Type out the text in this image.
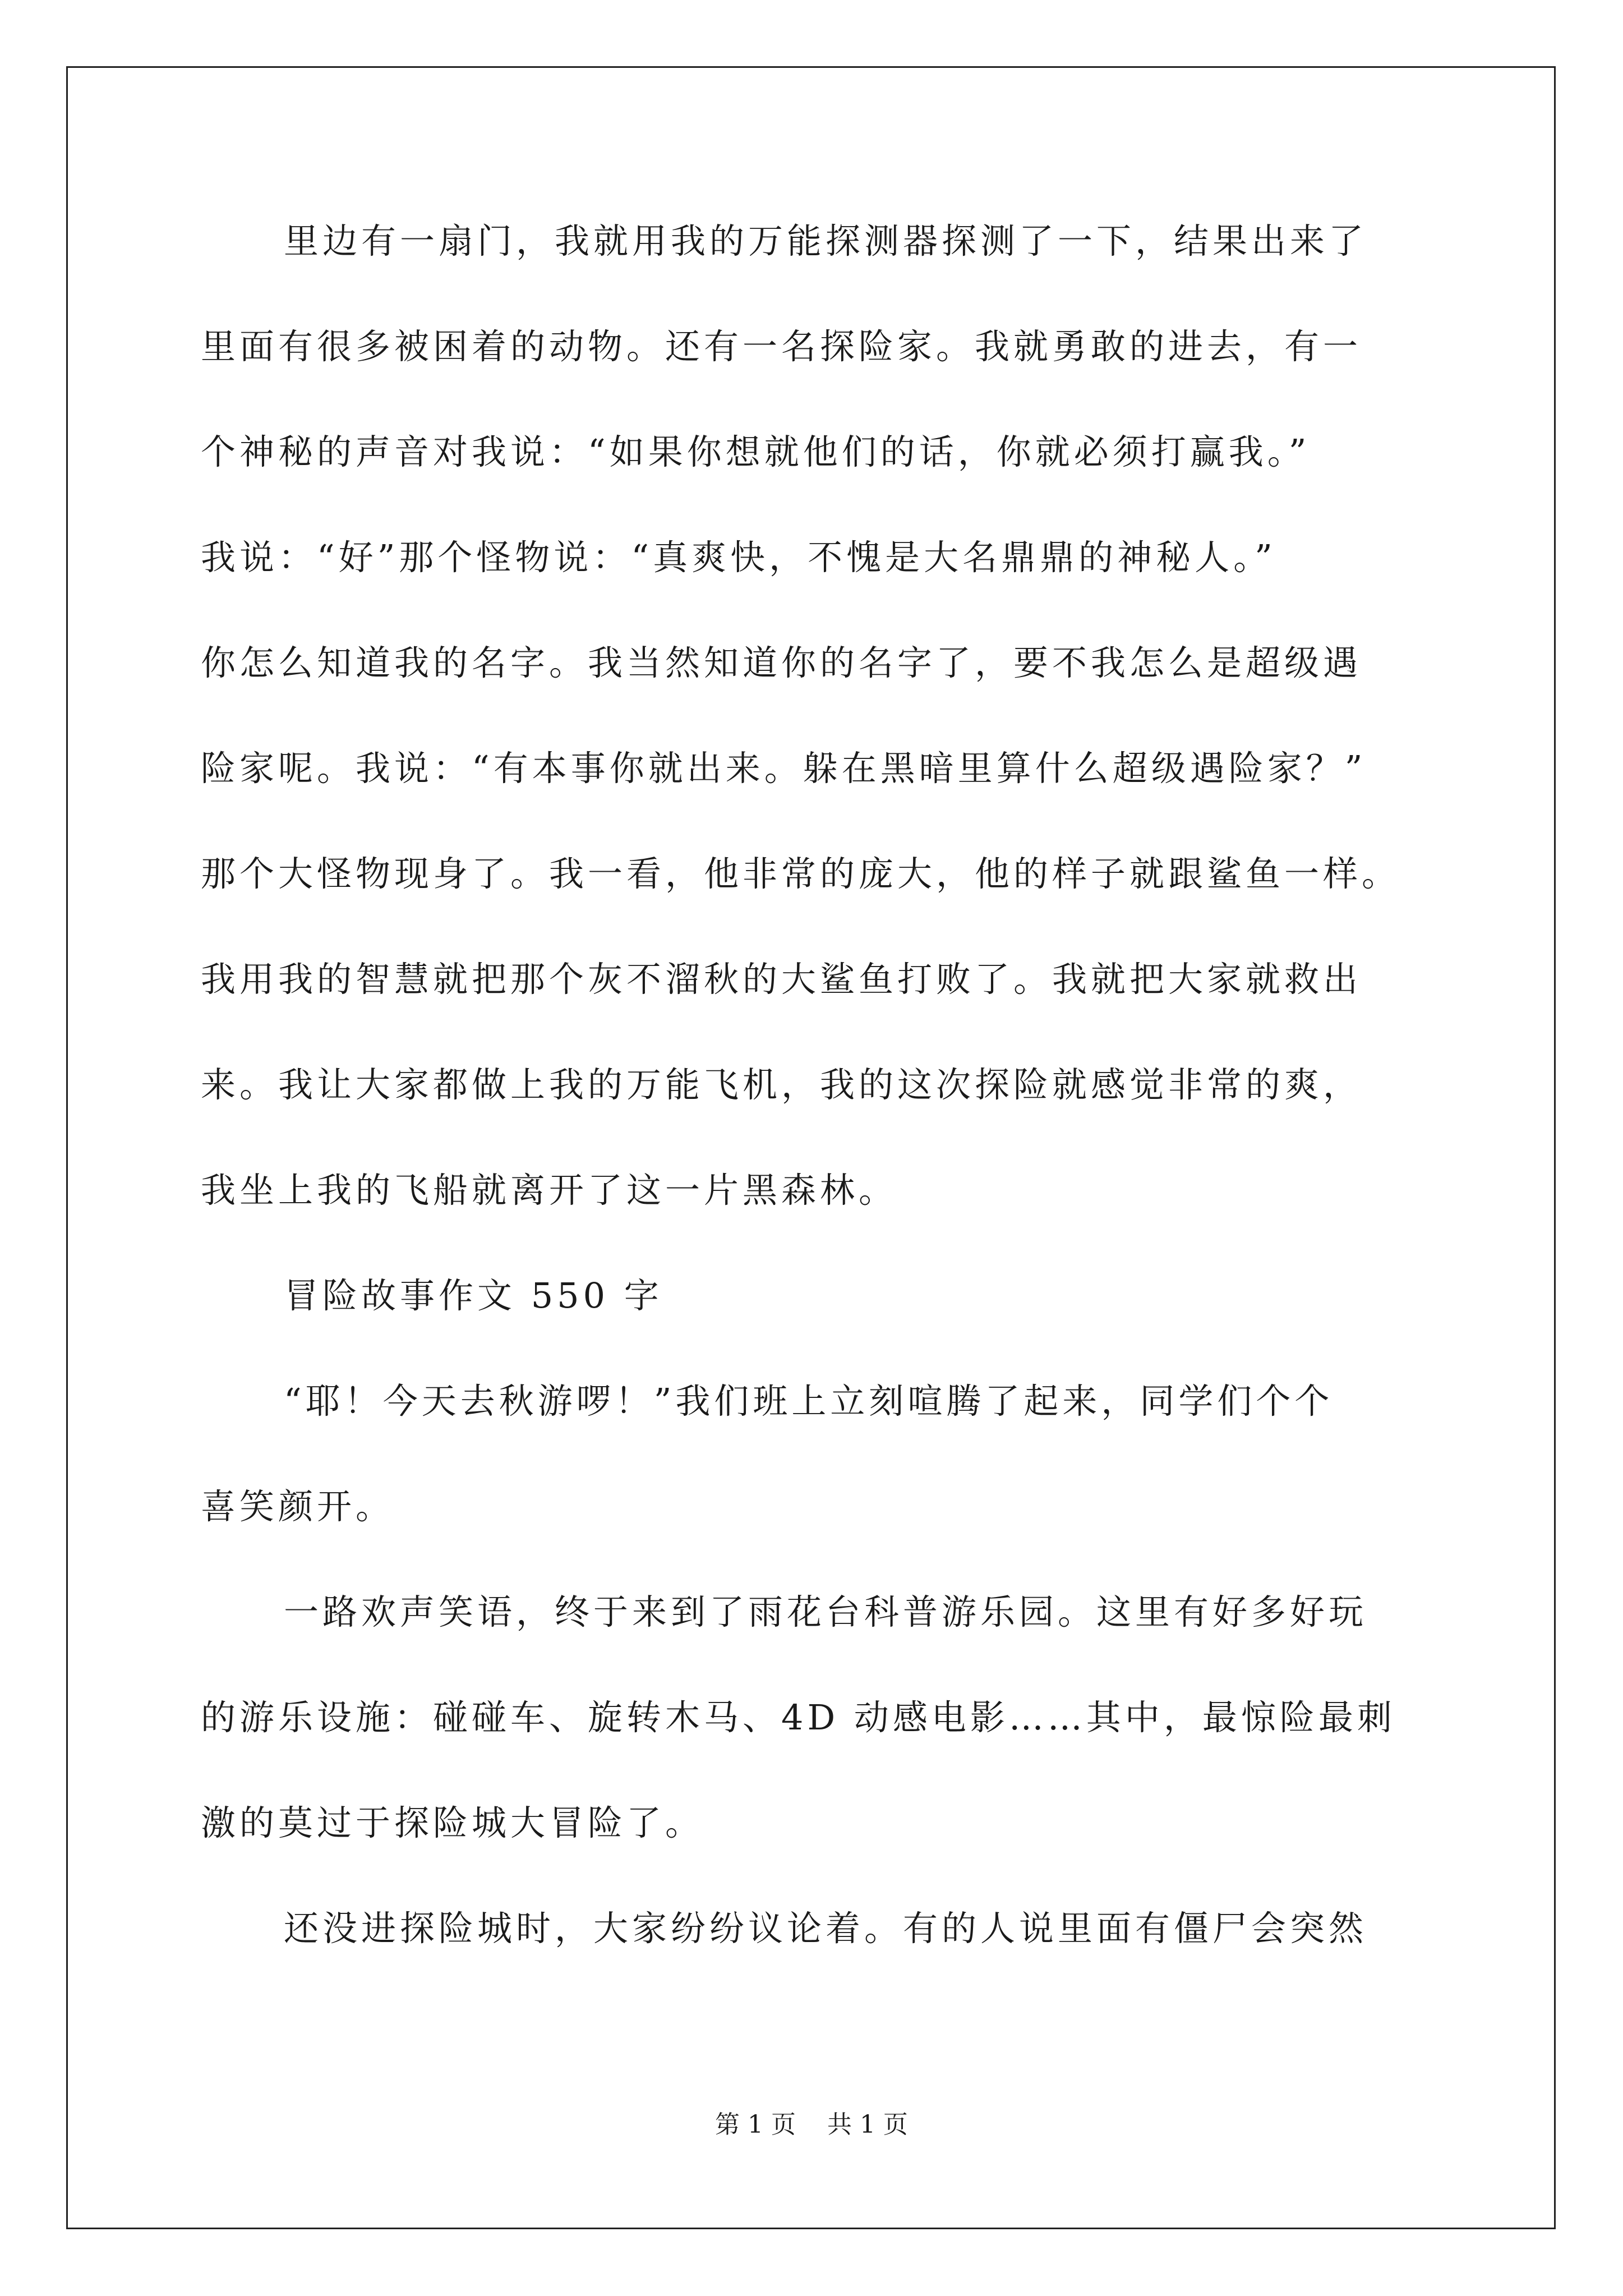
里边有一扇门，我就用我的万能探测器探测了一下，结果出来了
里面有很多被困着的动物。还有一名探险家。我就勇敢的进去，有一
个神秘的声音对我说：“如果你想就他们的话，你就必须打赢我。”
我说：“好”那个怪物说：“真爽快，不愧是大名鼎鼎的神秘人。”
你怎么知道我的名字。我当然知道你的名字了，要不我怎么是超级遇
险家呢。我说：“有本事你就出来。躲在黑暗里算什么超级遇险家？”
那个大怪物现身了。我一看，他非常的庞大，他的样子就跟鲨鱼一样。
我用我的智慧就把那个灰不溜秋的大鲨鱼打败了。我就把大家就救出
来。我让大家都做上我的万能飞机，我的这次探险就感觉非常的爽，
我坐上我的飞船就离开了这一片黑森林。
冒险故事作文 550 字
“耶！今天去秋游啰！”我们班上立刻喧腾了起来，同学们个个
喜笑颜开。
一路欢声笑语，终于来到了雨花台科普游乐园。这里有好多好玩
的游乐设施：碰碰车、旋转木马、4D 动感电影……其中，最惊险最刺
激的莫过于探险城大冒险了。
还没进探险城时，大家纷纷议论着。有的人说里面有僵尸会突然
第 1 页    共 1 页
